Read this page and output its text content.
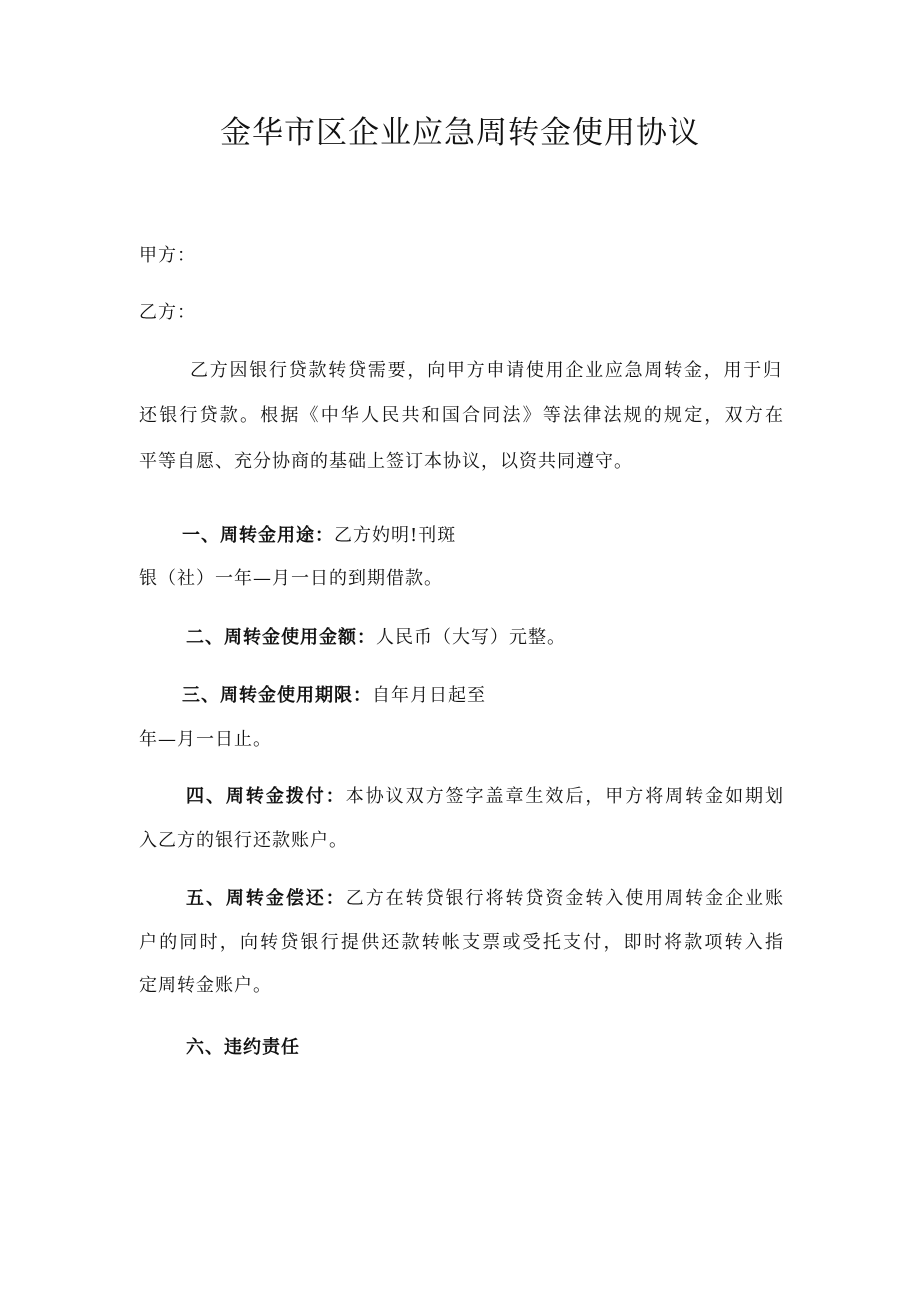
金华市区企业应急周转金使用协议
甲方：
乙方：
乙方因银行贷款转贷需要，向甲方申请使用企业应急周转金，用于归
还银行贷款。根据《中华人民共和国合同法》等法律法规的规定，双方在
平等自愿、充分协商的基础上签订本协议，以资共同遵守。
一、周转金用途：乙方妁明!刊斑
银（社）一年—月一日的到期借款。
二、周转金使用金额：人民币（大写）元整。
三、周转金使用期限：自年月日起至
年—月一日止。
四、周转金拨付：本协议双方签字盖章生效后，甲方将周转金如期划
入乙方的银行还款账户。
五、周转金偿还：乙方在转贷银行将转贷资金转入使用周转金企业账
户的同时，向转贷银行提供还款转帐支票或受托支付，即时将款项转入指
定周转金账户。
六、违约责任
